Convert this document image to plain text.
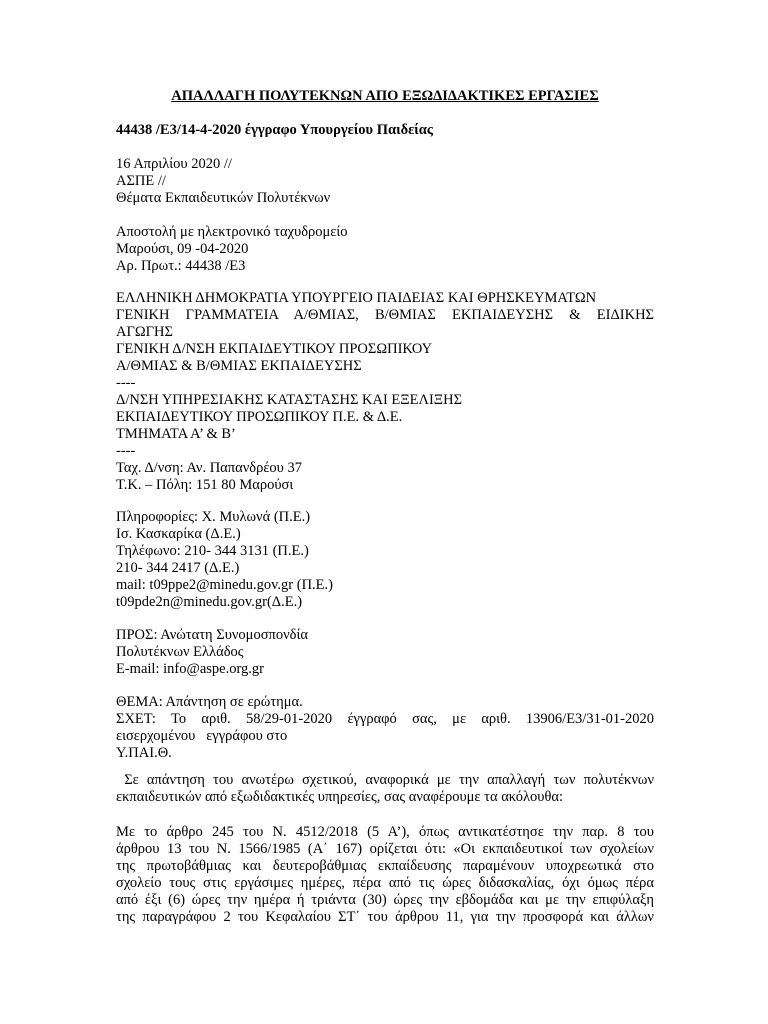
ΑΠΑΛΛΑΓΗ ΠΟΛΥΤΕΚΝΩΝ ΑΠΟ ΕΞΩΔΙΔΑΚΤΙΚΕΣ ΕΡΓΑΣΙΕΣ
44438 /Ε3/14-4-2020 έγγραφο Υπουργείου Παιδείας
16 Απριλίου 2020 //
ΑΣΠΕ //
Θέματα Εκπαιδευτικών Πολυτέκνων
Αποστολή με ηλεκτρονικό ταχυδρομείο
Μαρούσι, 09 -04-2020
Αρ. Πρωτ.: 44438 /Ε3
ΕΛΛΗΝΙΚΗ ΔΗΜΟΚΡΑΤΙΑ ΥΠΟΥΡΓΕΙΟ ΠΑΙΔΕΙΑΣ ΚΑΙ ΘΡΗΣΚΕΥΜΑΤΩΝ
ΓΕΝΙΚΗ ΓΡΑΜΜΑΤΕΙΑ Α/ΘΜΙΑΣ, Β/ΘΜΙΑΣ ΕΚΠΑΙΔΕΥΣΗΣ & ΕΙΔΙΚΗΣ
ΑΓΩΓΗΣ
ΓΕΝΙΚΗ Δ/ΝΣΗ ΕΚΠΑΙΔΕΥΤΙΚΟΥ ΠΡΟΣΩΠΙΚΟΥ
Α/ΘΜΙΑΣ & Β/ΘΜΙΑΣ ΕΚΠΑΙΔΕΥΣΗΣ
----
Δ/ΝΣΗ ΥΠΗΡΕΣΙΑΚΗΣ ΚΑΤΑΣΤΑΣΗΣ ΚΑΙ ΕΞΕΛΙΞΗΣ
ΕΚΠΑΙΔΕΥΤΙΚΟΥ ΠΡΟΣΩΠΙΚΟΥ Π.Ε. & Δ.Ε.
ΤΜΗΜΑΤΑ Α’ & Β’
----
Ταχ. Δ/νση: Αν. Παπανδρέου 37
Τ.Κ. – Πόλη: 151 80 Μαρούσι
Πληροφορίες: Χ. Μυλωνά (Π.Ε.)
Ισ. Κασκαρίκα (Δ.Ε.)
Τηλέφωνο: 210- 344 3131 (Π.Ε.)
210- 344 2417 (Δ.Ε.)
mail: t09ppe2@minedu.gov.gr (Π.Ε.)
t09pde2n@minedu.gov.gr(Δ.Ε.)
ΠΡΟΣ: Ανώτατη Συνομοσπονδία
Πολυτέκνων Ελλάδος
E-mail: info@aspe.org.gr
ΘΕΜΑ: Απάντηση σε ερώτημα.
ΣΧΕΤ: Το αριθ. 58/29-01-2020 έγγραφό σας, με αριθ. 13906/Ε3/31-01-2020
εισερχομένου   εγγράφου στο
Υ.ΠΑΙ.Θ.
Σε απάντηση του ανωτέρω σχετικού, αναφορικά με την απαλλαγή των πολυτέκνων
εκπαιδευτικών από εξωδιδακτικές υπηρεσίες, σας αναφέρουμε τα ακόλουθα:
Με το άρθρο 245 του Ν. 4512/2018 (5 Α’), όπως αντικατέστησε την παρ. 8 του
άρθρου 13 του Ν. 1566/1985 (Α΄ 167) ορίζεται ότι: «Οι εκπαιδευτικοί των σχολείων
της πρωτοβάθμιας και δευτεροβάθμιας εκπαίδευσης παραμένουν υποχρεωτικά στο
σχολείο τους στις εργάσιμες ημέρες, πέρα από τις ώρες διδασκαλίας, όχι όμως πέρα
από έξι (6) ώρες την ημέρα ή τριάντα (30) ώρες την εβδομάδα και με την επιφύλαξη
της παραγράφου 2 του Κεφαλαίου ΣΤ΄ του άρθρου 11, για την προσφορά και άλλων
